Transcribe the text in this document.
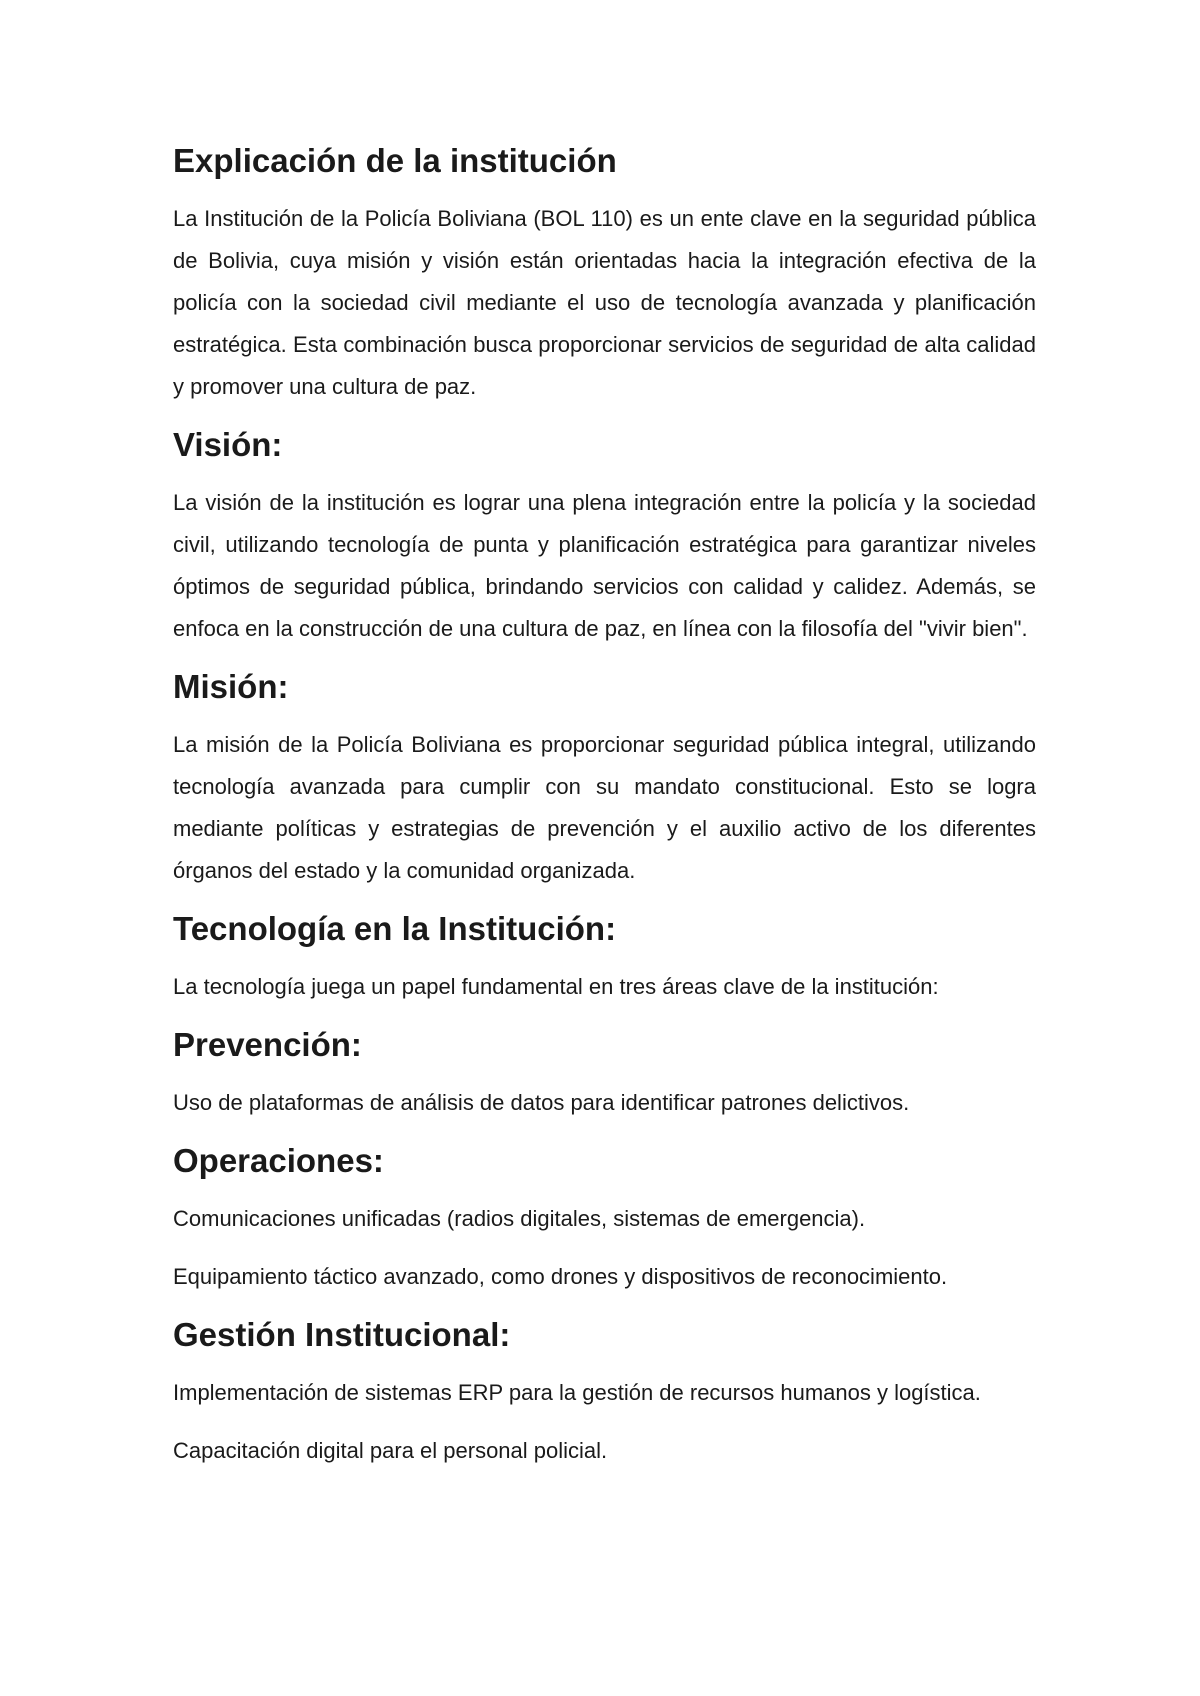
Explicación de la institución

La Institución de la Policía Boliviana (BOL 110) es un ente clave en la seguridad pública de Bolivia, cuya misión y visión están orientadas hacia la integración efectiva de la policía con la sociedad civil mediante el uso de tecnología avanzada y planificación estratégica. Esta combinación busca proporcionar servicios de seguridad de alta calidad y promover una cultura de paz.

Visión:

La visión de la institución es lograr una plena integración entre la policía y la sociedad civil, utilizando tecnología de punta y planificación estratégica para garantizar niveles óptimos de seguridad pública, brindando servicios con calidad y calidez. Además, se enfoca en la construcción de una cultura de paz, en línea con la filosofía del "vivir bien".

Misión:

La misión de la Policía Boliviana es proporcionar seguridad pública integral, utilizando tecnología avanzada para cumplir con su mandato constitucional. Esto se logra mediante políticas y estrategias de prevención y el auxilio activo de los diferentes órganos del estado y la comunidad organizada.

Tecnología en la Institución:

La tecnología juega un papel fundamental en tres áreas clave de la institución:

Prevención:

Uso de plataformas de análisis de datos para identificar patrones delictivos.

Operaciones:

Comunicaciones unificadas (radios digitales, sistemas de emergencia).

Equipamiento táctico avanzado, como drones y dispositivos de reconocimiento.

Gestión Institucional:

Implementación de sistemas ERP para la gestión de recursos humanos y logística.

Capacitación digital para el personal policial.
